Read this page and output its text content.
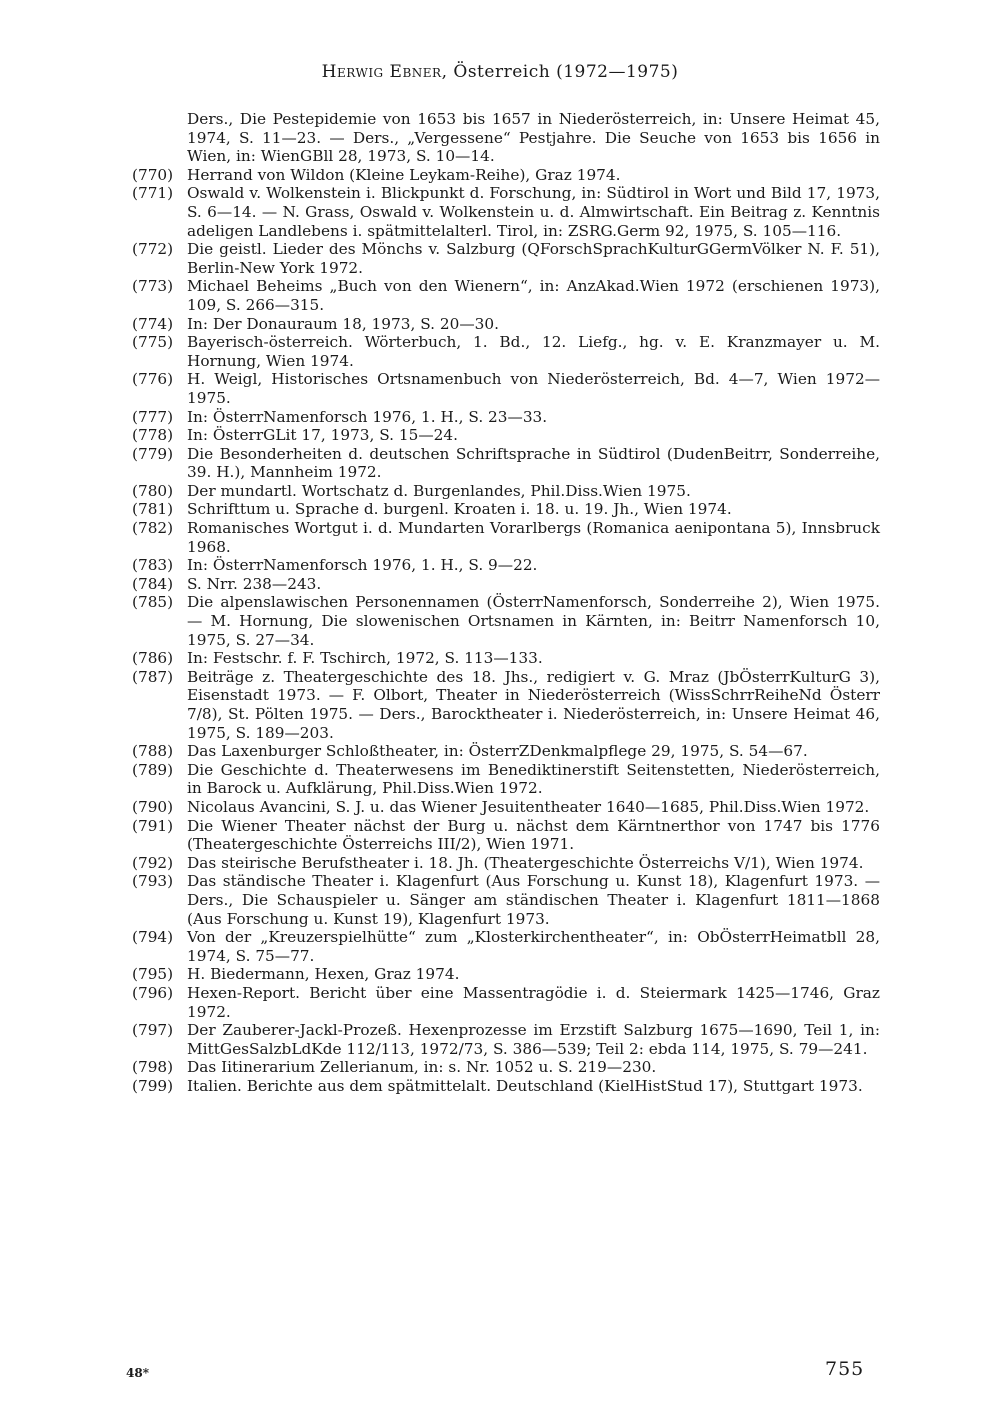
Herwig Ebner, Österreich (1972—1975)
Ders., Die Pestepidemie von 1653 bis 1657 in Niederösterreich, in: Unsere Heimat 45, 1974, S. 11—23. — Ders., „Vergessene“ Pestjahre. Die Seuche von 1653 bis 1656 in Wien, in: WienGBll 28, 1973, S. 10—14.
(770) Herrand von Wildon (Kleine Leykam-Reihe), Graz 1974.
(771) Oswald v. Wolkenstein i. Blickpunkt d. Forschung, in: Südtirol in Wort und Bild 17, 1973, S. 6—14. — N. Grass, Oswald v. Wolkenstein u. d. Almwirtschaft. Ein Beitrag z. Kenntnis adeligen Landlebens i. spätmittelalterl. Tirol, in: ZSRG.Germ 92, 1975, S. 105—116.
(772) Die geistl. Lieder des Mönchs v. Salzburg (QForschSprachKulturGGermVölker N. F. 51), Berlin-New York 1972.
(773) Michael Beheims „Buch von den Wienern“, in: AnzAkad.Wien 1972 (erschienen 1973), 109, S. 266—315.
(774) In: Der Donauraum 18, 1973, S. 20—30.
(775) Bayerisch-österreich. Wörterbuch, 1. Bd., 12. Liefg., hg. v. E. Kranzmayer u. M. Hornung, Wien 1974.
(776) H. Weigl, Historisches Ortsnamenbuch von Niederösterreich, Bd. 4—7, Wien 1972—1975.
(777) In: ÖsterrNamenforsch 1976, 1. H., S. 23—33.
(778) In: ÖsterrGLit 17, 1973, S. 15—24.
(779) Die Besonderheiten d. deutschen Schriftsprache in Südtirol (DudenBeitrr, Sonderreihe, 39. H.), Mannheim 1972.
(780) Der mundartl. Wortschatz d. Burgenlandes, Phil.Diss.Wien 1975.
(781) Schrifttum u. Sprache d. burgenl. Kroaten i. 18. u. 19. Jh., Wien 1974.
(782) Romanisches Wortgut i. d. Mundarten Vorarlbergs (Romanica aenipontana 5), Innsbruck 1968.
(783) In: ÖsterrNamenforsch 1976, 1. H., S. 9—22.
(784) S. Nrr. 238—243.
(785) Die alpenslawischen Personennamen (ÖsterrNamenforsch, Sonderreihe 2), Wien 1975. — M. Hornung, Die slowenischen Ortsnamen in Kärnten, in: Beitrr Namenforsch 10, 1975, S. 27—34.
(786) In: Festschr. f. F. Tschirch, 1972, S. 113—133.
(787) Beiträge z. Theatergeschichte des 18. Jhs., redigiert v. G. Mraz (JbÖsterrKulturG 3), Eisenstadt 1973. — F. Olbort, Theater in Niederösterreich (WissSchrrReiheNd Österr 7/8), St. Pölten 1975. — Ders., Barocktheater i. Niederösterreich, in: Unsere Heimat 46, 1975, S. 189—203.
(788) Das Laxenburger Schloßtheater, in: ÖsterrZDenkmalpflege 29, 1975, S. 54—67.
(789) Die Geschichte d. Theaterwesens im Benediktinerstift Seitenstetten, Niederösterreich, in Barock u. Aufklärung, Phil.Diss.Wien 1972.
(790) Nicolaus Avancini, S. J. u. das Wiener Jesuitentheater 1640—1685, Phil.Diss.Wien 1972.
(791) Die Wiener Theater nächst der Burg u. nächst dem Kärntnerthor von 1747 bis 1776 (Theatergeschichte Österreichs III/2), Wien 1971.
(792) Das steirische Berufstheater i. 18. Jh. (Theatergeschichte Österreichs V/1), Wien 1974.
(793) Das ständische Theater i. Klagenfurt (Aus Forschung u. Kunst 18), Klagenfurt 1973. — Ders., Die Schauspieler u. Sänger am ständischen Theater i. Klagenfurt 1811—1868 (Aus Forschung u. Kunst 19), Klagenfurt 1973.
(794) Von der „Kreuzerspielhütte“ zum „Klosterkirchentheater“, in: ObÖsterrHeimatbll 28, 1974, S. 75—77.
(795) H. Biedermann, Hexen, Graz 1974.
(796) Hexen-Report. Bericht über eine Massentragödie i. d. Steiermark 1425—1746, Graz 1972.
(797) Der Zauberer-Jackl-Prozeß. Hexenprozesse im Erzstift Salzburg 1675—1690, Teil 1, in: MittGesSalzbLdKde 112/113, 1972/73, S. 386—539; Teil 2: ebda 114, 1975, S. 79—241.
(798) Das Iitinerarium Zellerianum, in: s. Nr. 1052 u. S. 219—230.
(799) Italien. Berichte aus dem spätmittelalt. Deutschland (KielHistStud 17), Stuttgart 1973.
48*	755
